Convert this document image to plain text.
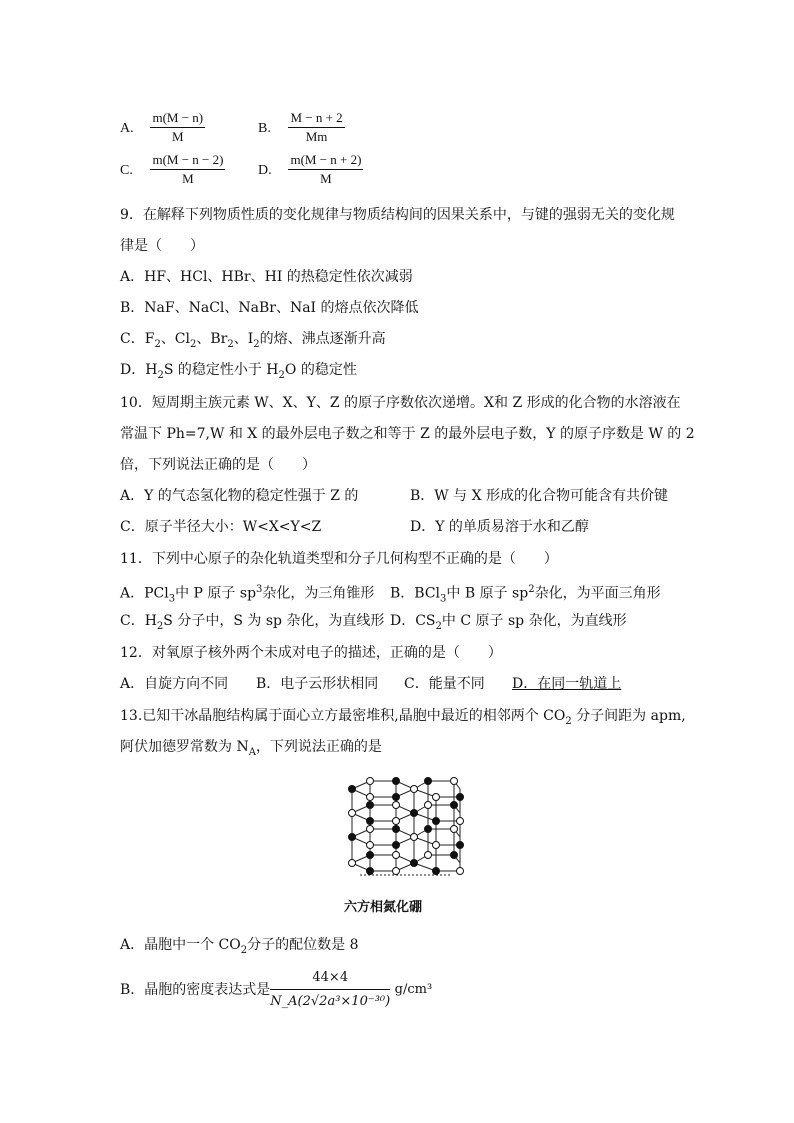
A. $\frac{m(M - n)}{M}$	B. $\frac{M - n + 2}{Mm}$
C. $\frac{m(M - n - 2)}{M} D$. $\frac{m(M - n + 2)}{M}$
9．在解释下列物质性质的变化规律与物质结构间的因果关系中，与键的强弱无关的变化规
律是（　　）
A．HF、HCl、HBr、HI 的热稳定性依次减弱
B．NaF、NaCl、NaBr、NaI 的熔点依次降低
C．$F_2$、$Cl_2$、$Br_2$、$I_2$的熔、沸点逐渐升高
D．$H_2S$ 的稳定性小于 $H_2O$ 的稳定性
10．短周期主族元素 W、X、Y、Z 的原子序数依次递增。X和 Z 形成的化合物的水溶液在
常温下 Ph=7,W 和 X 的最外层电子数之和等于 Z 的最外层电子数，Y 的原子序数是 W 的 2
倍，下列说法正确的是（　　）
A．Y 的气态氢化物的稳定性强于 Z 的	B．W 与 X 形成的化合物可能含有共价键
C．原子半径大小：W<X<Y<Z	D．Y 的单质易溶于水和乙醇
11．下列中心原子的杂化轨道类型和分子几何构型不正确的是（　　）
A．PCl$_3$中 P 原子 $sp^3$杂化，为三角锥形 B．BCl$_3$中 B 原子 $sp^2$杂化，为平面三角形
C．$H_2S$ 分子中，S 为 sp 杂化，为直线形 D．$CS_2$中 C 原子 sp 杂化，为直线形
12．对氧原子核外两个未成对电子的描述，正确的是（　　）
A．自旋方向不同 B．电子云形状相同 C．能量不同 D．在同一轨道上
13.已知干冰晶胞结构属于面心立方最密堆积,晶胞中最近的相邻两个 $CO_2$ 分子间距为 apm,
阿伏加德罗常数为 $N_A$，下列说法正确的是
六方相氮化硼
A．晶胞中一个 $CO_2$分子的配位数是 8
B．晶胞的密度表达式是 $\frac{44\times 4}{\text{N\_A(2√2a³×10⁻³⁰)}} g/cm^3$
